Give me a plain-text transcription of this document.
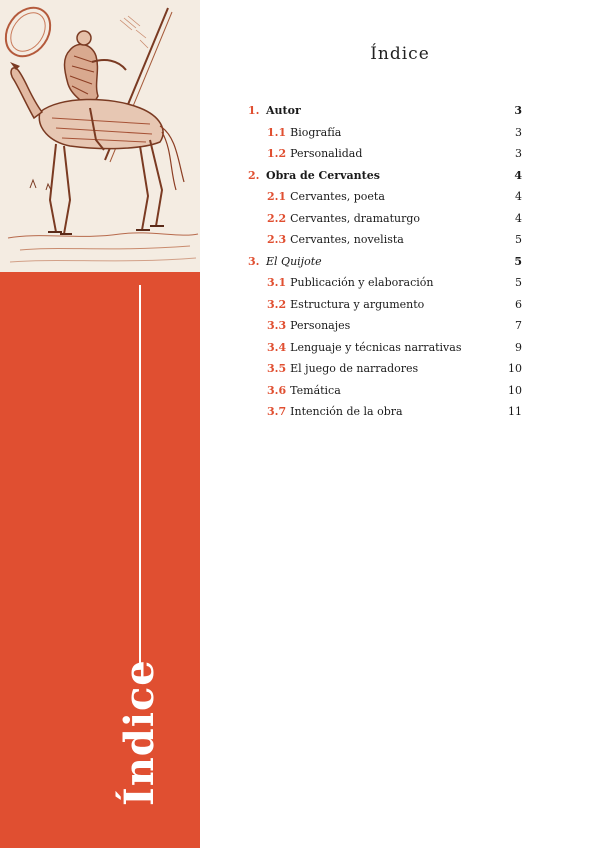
Índice
Índice
1. Autor	3
1.1 Biografía	3
1.2 Personalidad	3
2. Obra de Cervantes	4
2.1 Cervantes, poeta	4
2.2 Cervantes, dramaturgo	4
2.3 Cervantes, novelista	5
3. El Quijote	5
3.1 Publicación y elaboración	5
3.2 Estructura y argumento	6
3.3 Personajes	7
3.4 Lenguaje y técnicas narrativas	9
3.5 El juego de narradores	10
3.6 Temática	10
3.7 Intención de la obra	11
